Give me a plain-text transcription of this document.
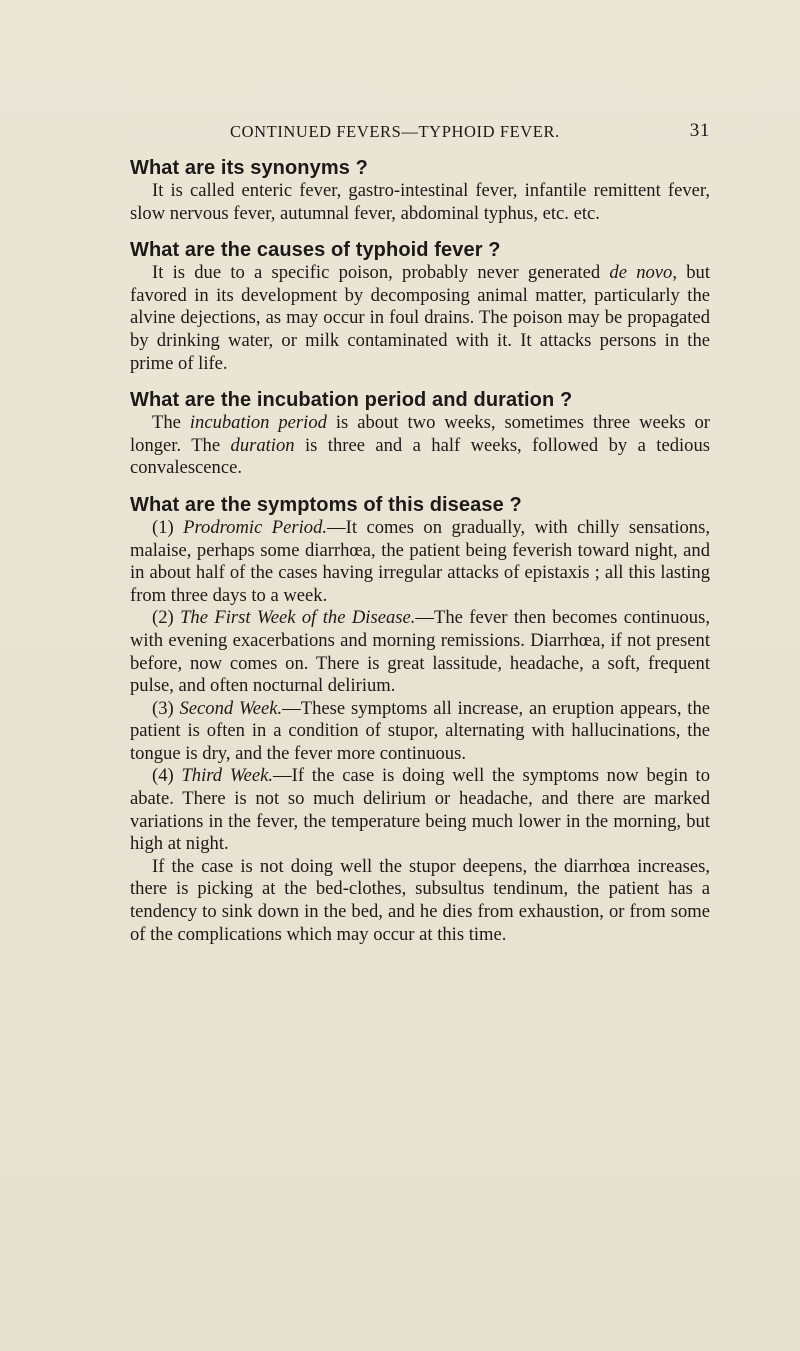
CONTINUED FEVERS—TYPHOID FEVER.	31
What are its synonyms ?

It is called enteric fever, gastro-intestinal fever, infantile remittent fever, slow nervous fever, autumnal fever, abdominal typhus, etc. etc.

What are the causes of typhoid fever ?

It is due to a specific poison, probably never generated de novo, but favored in its development by decomposing animal matter, particularly the alvine dejections, as may occur in foul drains. The poison may be propagated by drinking water, or milk contaminated with it. It attacks persons in the prime of life.

What are the incubation period and duration ?

The incubation period is about two weeks, sometimes three weeks or longer. The duration is three and a half weeks, followed by a tedious convalescence.

What are the symptoms of this disease ?

(1) Prodromic Period.—It comes on gradually, with chilly sensations, malaise, perhaps some diarrhœa, the patient being feverish toward night, and in about half of the cases having irregular attacks of epistaxis ; all this lasting from three days to a week.

(2) The First Week of the Disease.—The fever then becomes continuous, with evening exacerbations and morning remissions. Diarrhœa, if not present before, now comes on. There is great lassitude, headache, a soft, frequent pulse, and often nocturnal delirium.

(3) Second Week.—These symptoms all increase, an eruption appears, the patient is often in a condition of stupor, alternating with hallucinations, the tongue is dry, and the fever more continuous.

(4) Third Week.—If the case is doing well the symptoms now begin to abate. There is not so much delirium or headache, and there are marked variations in the fever, the temperature being much lower in the morning, but high at night.

If the case is not doing well the stupor deepens, the diarrhœa increases, there is picking at the bed-clothes, subsultus tendinum, the patient has a tendency to sink down in the bed, and he dies from exhaustion, or from some of the complications which may occur at this time.
